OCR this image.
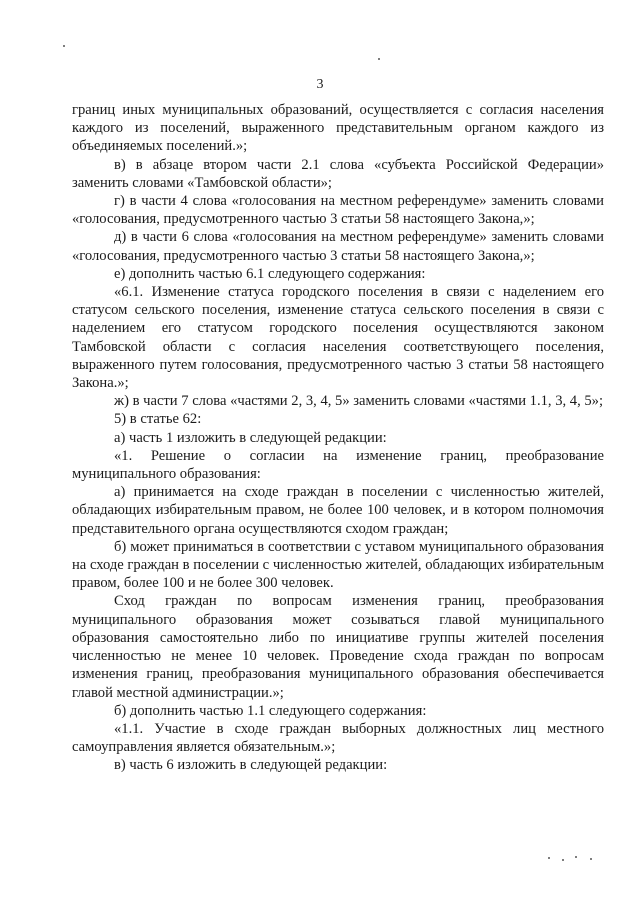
3

границ иных муниципальных образований, осуществляется с согласия населения каждого из поселений, выраженного представительным органом каждого из объединяемых поселений.»;

в) в абзаце втором части 2.1 слова «субъекта Российской Федерации» заменить словами «Тамбовской области»;

г) в части 4 слова «голосования на местном референдуме» заменить словами «голосования, предусмотренного частью 3 статьи 58 настоящего Закона,»;

д) в части 6 слова «голосования на местном референдуме» заменить словами «голосования, предусмотренного частью 3 статьи 58 настоящего Закона,»;

е) дополнить частью 6.1 следующего содержания:

«6.1. Изменение статуса городского поселения в связи с наделением его статусом сельского поселения, изменение статуса сельского поселения в связи с наделением его статусом городского поселения осуществляются законом Тамбовской области с согласия населения соответствующего поселения, выраженного путем голосования, предусмотренного частью 3 статьи 58 настоящего Закона.»;

ж) в части 7 слова «частями 2, 3, 4, 5» заменить словами «частями 1.1, 3, 4, 5»;

5) в статье 62:

а) часть 1 изложить в следующей редакции:

«1. Решение о согласии на изменение границ, преобразование муниципального образования:

а) принимается на сходе граждан в поселении с численностью жителей, обладающих избирательным правом, не более 100 человек, и в котором полномочия представительного органа осуществляются сходом граждан;

б) может приниматься в соответствии с уставом муниципального образования на сходе граждан в поселении с численностью жителей, обладающих избирательным правом, более 100 и не более 300 человек.

Сход граждан по вопросам изменения границ, преобразования муниципального образования может созываться главой муниципального образования самостоятельно либо по инициативе группы жителей поселения численностью не менее 10 человек. Проведение схода граждан по вопросам изменения границ, преобразования муниципального образования обеспечивается главой местной администрации.»;

б) дополнить частью 1.1 следующего содержания:

«1.1. Участие в сходе граждан выборных должностных лиц местного самоуправления является обязательным.»;

в) часть 6 изложить в следующей редакции:
